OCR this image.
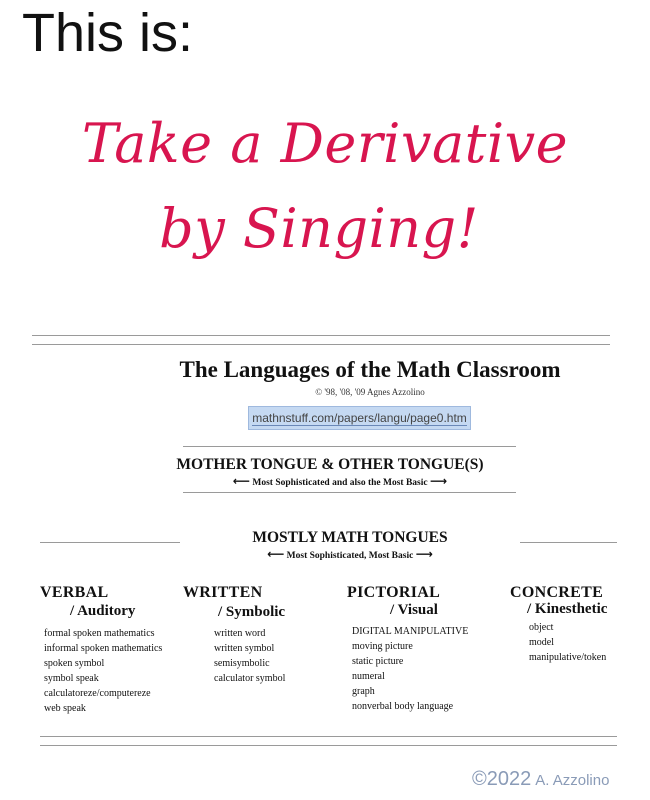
This is:
Take a Derivative
by Singing!
The Languages of the Math Classroom
© '98, '08, '09 Agnes Azzolino
mathnstuff.com/papers/langu/page0.htm
MOTHER TONGUE & OTHER TONGUE(S)
⟵ Most Sophisticated and also the Most Basic ⟶
MOSTLY MATH TONGUES
⟵ Most Sophisticated, Most Basic ⟶
VERBAL
/ Auditory
formal spoken mathematics
informal spoken mathematics
spoken symbol
symbol speak
calculatoreze/computereze
web speak
WRITTEN
/ Symbolic
written word
written symbol
semisymbolic
calculator symbol
PICTORIAL
/ Visual
DIGITAL MANIPULATIVE
moving picture
static picture
numeral
graph
nonverbal body language
CONCRETE
/ Kinesthetic
object
model
manipulative/token
©2022 A. Azzolino
